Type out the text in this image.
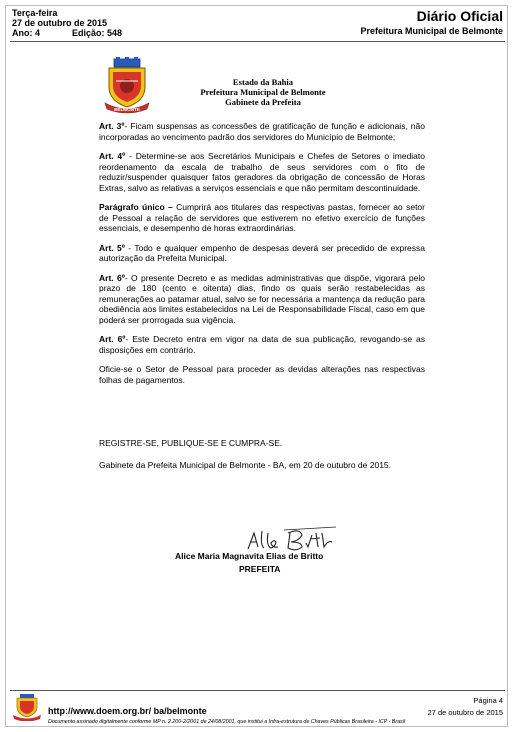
Terça-feira
27 de outubro de 2015
Ano: 4	Edição: 548
Diário Oficial
Prefeitura Municipal de Belmonte
BELMONTE
Estado da Bahia
Prefeitura Municipal de Belmonte
Gabinete da Prefeita

Art. 3º- Ficam suspensas as concessões de gratificação de função e adicionais, não incorporadas ao vencimento padrão dos servidores do Município de Belmonte;

Art. 4º - Determine-se aos Secretários Municipais e Chefes de Setores o imediato reordenamento da escala de trabalho de seus servidores com o fito de reduzir/suspender quaisquer fatos geradores da obrigação de concessão de Horas Extras, salvo as relativas a serviços essenciais e que não permitam descontinuidade.

Parágrafo único – Cumprirá aos titulares das respectivas pastas, fornecer ao setor de Pessoal a relação de servidores que estiverem no efetivo exercício de funções essenciais, e desempenho de horas extraordinárias.

Art. 5º - Todo e qualquer empenho de despesas deverá ser precedido de expressa autorização da Prefeita Municipal.

Art. 6º- O presente Decreto e as medidas administrativas que dispõe, vigorará pelo prazo de 180 (cento e oitenta) dias, findo os quais serão restabelecidas as remunerações ao patamar atual, salvo se for necessária a mantença da redução para obediência aos limites estabelecidos na Lei de Responsabilidade Fiscal, caso em que poderá ser prorrogada sua vigência.

Art. 6º- Este Decreto entra em vigor na data de sua publicação, revogando-se as disposições em contrário.

Oficie-se o Setor de Pessoal para proceder as devidas alterações nas respectivas folhas de pagamentos.

REGISTRE-SE, PUBLIQUE-SE E CUMPRA-SE.
Gabinete da Prefeita Municipal de Belmonte - BA, em 20 de outubro de 2015.
Alice Maria Magnavita Elias de Britto
PREFEITA
http://www.doem.org.br/ ba/belmonte
Página 4
27 de outubro de 2015
Documento assinado digitalmente conforme MP n. 2.200-2/2001 de 24/08/2001, que institui a Infra-estrutura de Chaves Públicas Brasileira - ICP - Brasil
